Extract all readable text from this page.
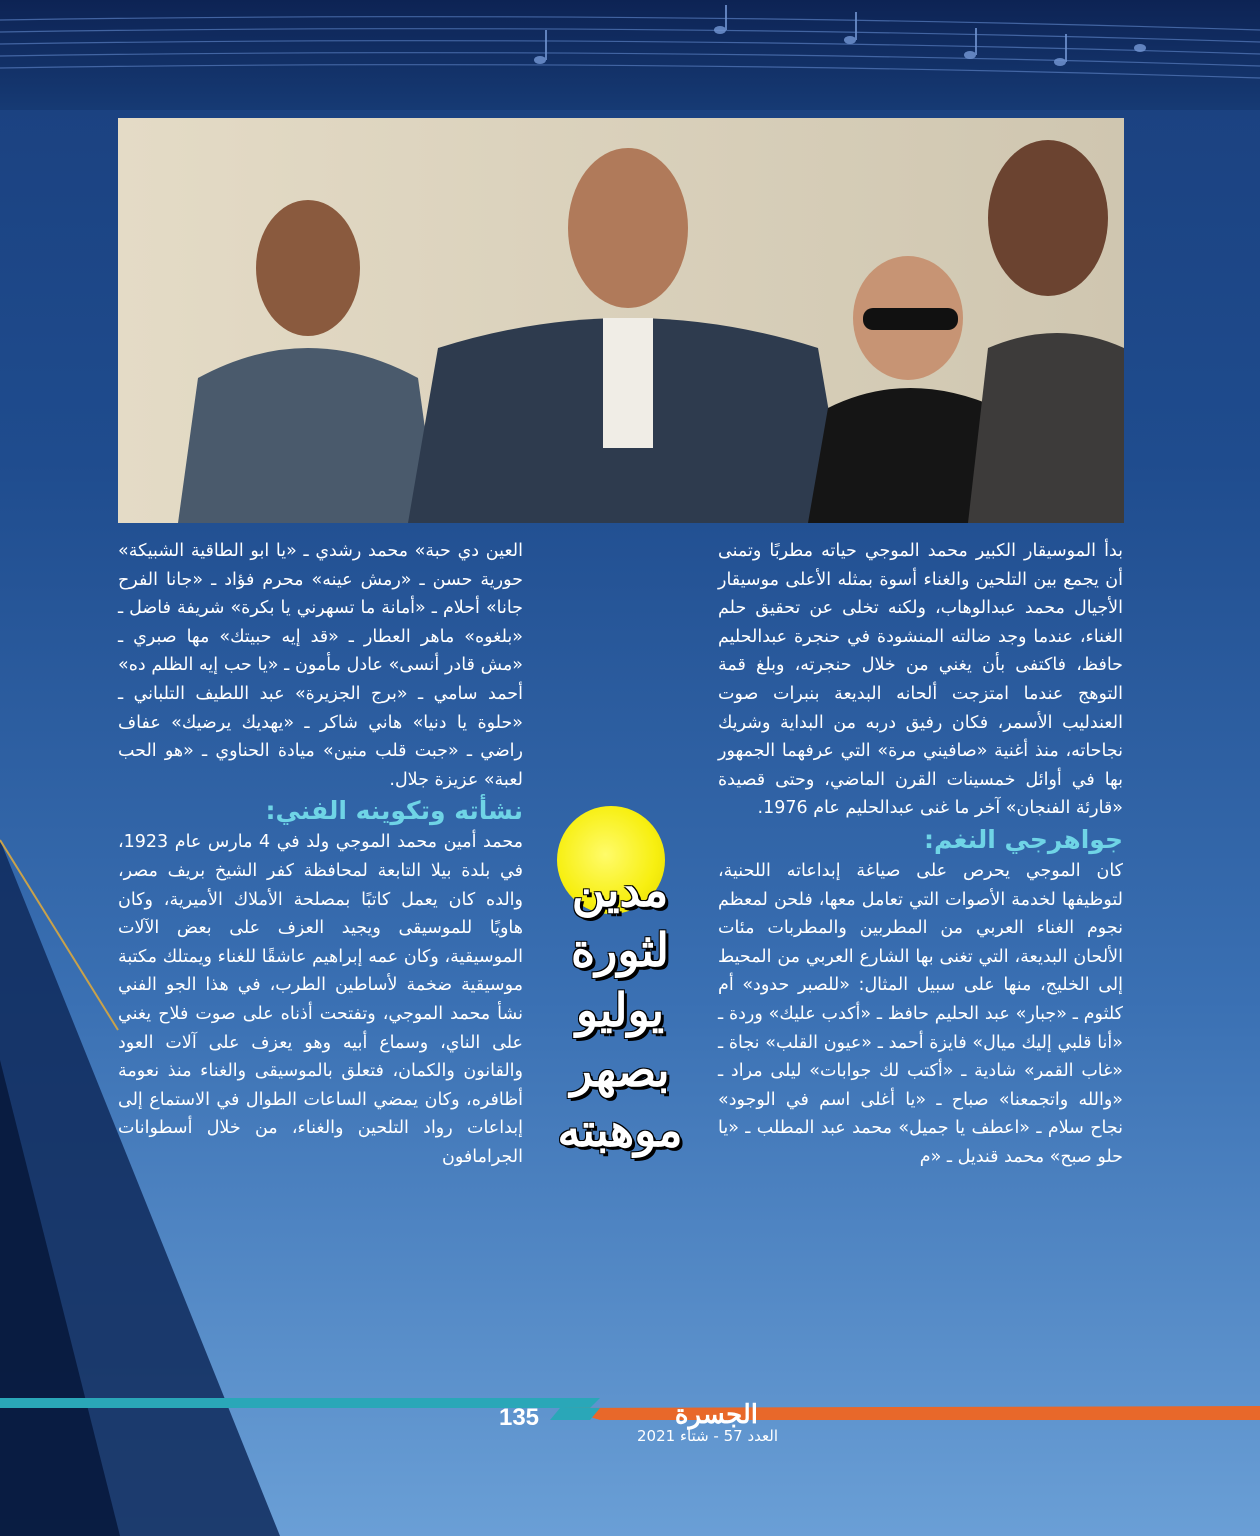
بدأ الموسيقار الكبير محمد الموجي حياته مطربًا وتمنى أن يجمع بين التلحين والغناء أسوة بمثله الأعلى موسيقار الأجيال محمد عبدالوهاب، ولكنه تخلى عن تحقيق حلم الغناء، عندما وجد ضالته المنشودة في حنجرة عبدالحليم حافظ، فاكتفى بأن يغني من خلال حنجرته، وبلغ قمة التوهج عندما امتزجت ألحانه البديعة بنبرات صوت العندليب الأسمر، فكان رفيق دربه من البداية وشريك نجاحاته، منذ أغنية «صافيني مرة» التي عرفهما الجمهور بها في أوائل خمسينات القرن الماضي، وحتى قصيدة «قارئة الفنجان» آخر ما غنى عبدالحليم عام 1976.

جواهرجي النغم:

كان الموجي يحرص على صياغة إبداعاته اللحنية، لتوظيفها لخدمة الأصوات التي تعامل معها، فلحن لمعظم نجوم الغناء العربي من المطربين والمطربات مئات الألحان البديعة، التي تغنى بها الشارع العربي من المحيط إلى الخليج، منها على سبيل المثال: «للصبر حدود» أم كلثوم ـ «جبار» عبد الحليم حافظ ـ «أكدب عليك» وردة ـ «أنا قلبي إليك ميال» فايزة أحمد ـ «عيون القلب» نجاة ـ «غاب القمر» شادية ـ «أكتب لك جوابات» ليلى مراد ـ «والله واتجمعنا» صباح ـ «يا أغلى اسم في الوجود» نجاح سلام ـ «اعطف يا جميل» محمد عبد المطلب ـ «يا حلو صبح» محمد قنديل ـ «م

العين دي حبة» محمد رشدي ـ «يا ابو الطاقية الشبيكة» حورية حسن ـ «رمش عينه» محرم فؤاد ـ «جانا الفرح جانا» أحلام ـ «أمانة ما تسهرني يا بكرة» شريفة فاضل ـ «بلغوه» ماهر العطار ـ «قد إيه حبيتك» مها صبري ـ «مش قادر أنسى» عادل مأمون ـ «يا حب إيه الظلم ده» أحمد سامي ـ «برج الجزيرة» عبد اللطيف التلباني ـ «حلوة يا دنيا» هاني شاكر ـ «يهديك يرضيك» عفاف راضي ـ «جبت قلب منين» ميادة الحناوي ـ «هو الحب لعبة» عزيزة جلال.

نشأته وتكوينه الفني:

محمد أمين محمد الموجي ولد في 4 مارس عام 1923، في بلدة بيلا التابعة لمحافظة كفر الشيخ بريف مصر، والده كان يعمل كاتبًا بمصلحة الأملاك الأميرية، وكان هاويًا للموسيقى ويجيد العزف على بعض الآلات الموسيقية، وكان عمه إبراهيم عاشقًا للغناء ويمتلك مكتبة موسيقية ضخمة لأساطين الطرب، في هذا الجو الفني نشأ محمد الموجي، وتفتحت أذناه على صوت فلاح يغني على الناي، وسماع أبيه وهو يعزف على آلات العود والقانون والكمان، فتعلق بالموسيقى والغناء منذ نعومة أظافره، وكان يمضي الساعات الطوال في الاستماع إلى إبداعات رواد التلحين والغناء، من خلال أسطوانات الجرامافون

مدين
لثورة
يوليو
بصهر
موهبته
135	الجسرة
العدد 57 - شتاء 2021
